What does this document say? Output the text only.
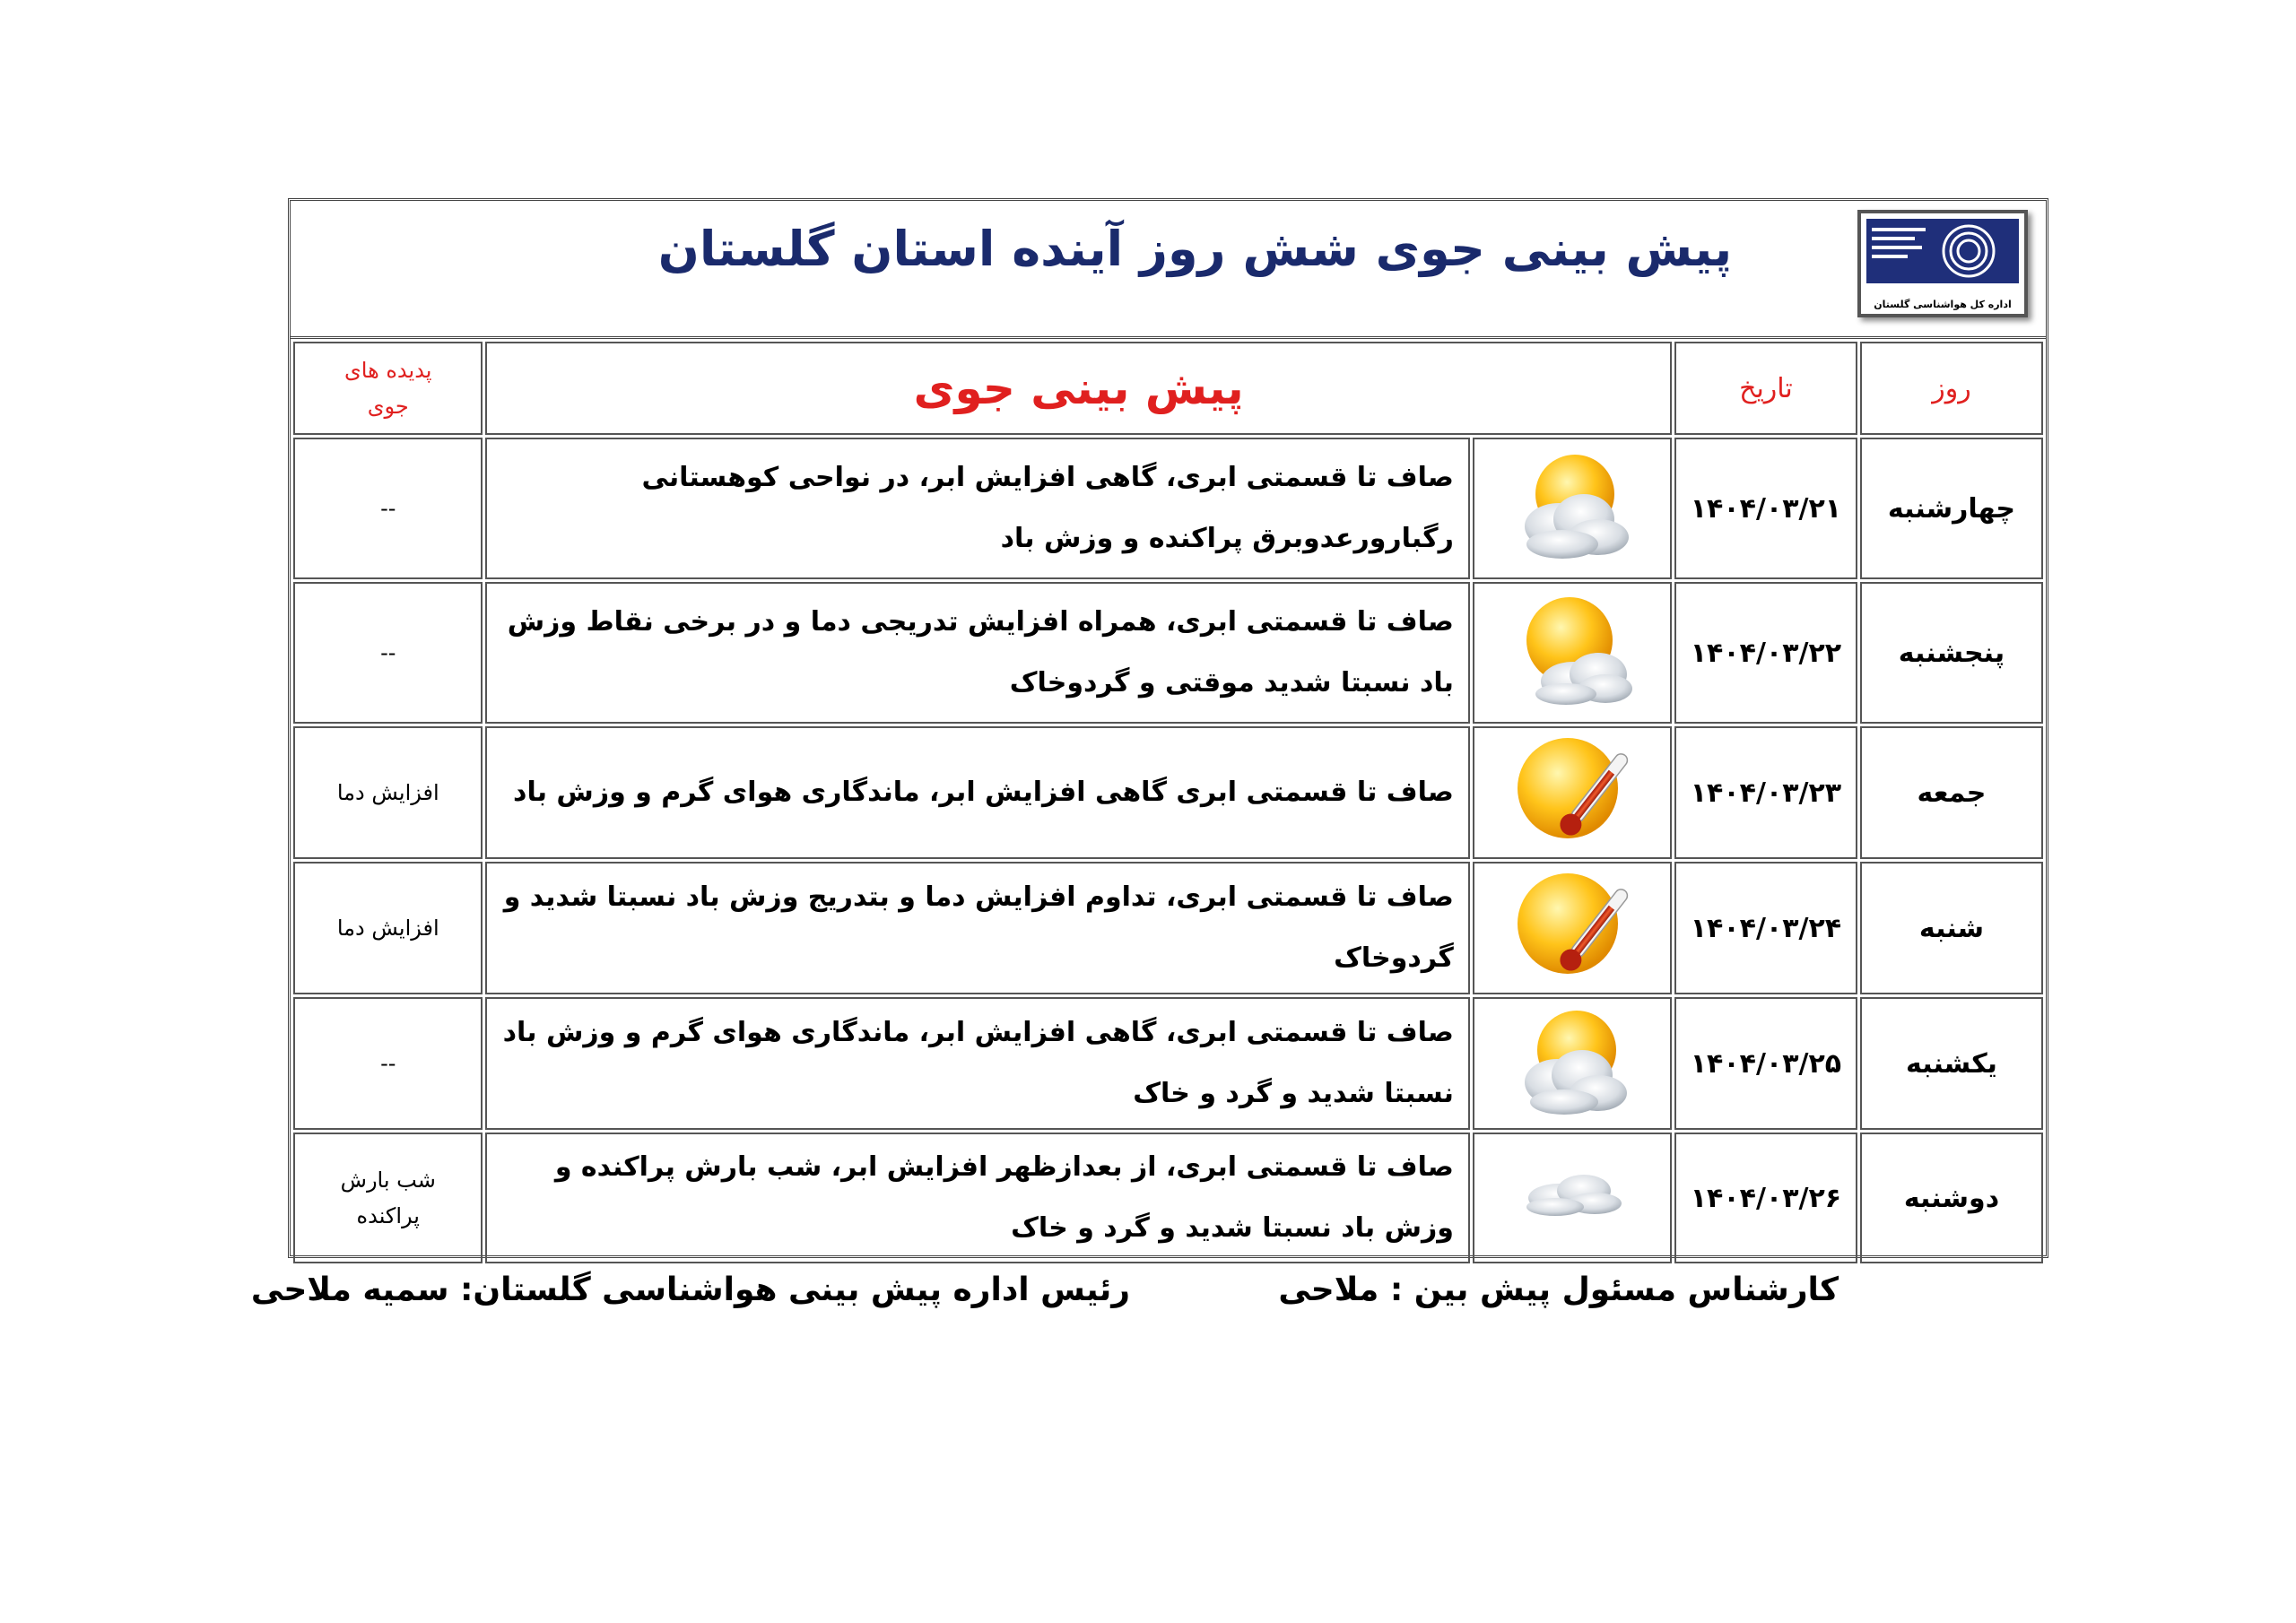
پیش بینی جوی شش روز آینده استان گلستان
اداره کل هواشناسی گلستان
روز	تاریخ	پیش بینی جوی		پدیده های
جوی

چهارشنبه	۱۴۰۴/۰۳/۲۱		صاف تا قسمتی ابری، گاهی افزایش ابر، در نواحی کوهستانی رگبارورعدوبرق پراکنده و وزش باد	--

پنجشنبه	۱۴۰۴/۰۳/۲۲		صاف تا قسمتی ابری، همراه افزایش تدریجی دما و در برخی نقاط وزش باد نسبتا شدید موقتی و گردوخاک	--

جمعه	۱۴۰۴/۰۳/۲۳		صاف تا قسمتی ابری گاهی افزایش ابر، ماندگاری هوای گرم و وزش باد	افزایش دما

شنبه	۱۴۰۴/۰۳/۲۴		صاف تا قسمتی ابری، تداوم افزایش دما و بتدریج وزش باد نسبتا شدید و گردوخاک	افزایش دما

یکشنبه	۱۴۰۴/۰۳/۲۵		صاف تا قسمتی ابری، گاهی افزایش ابر، ماندگاری هوای گرم و وزش باد نسبتا شدید و گرد و خاک	--

دوشنبه	۱۴۰۴/۰۳/۲۶		صاف تا قسمتی ابری، از بعدازظهر افزایش ابر، شب بارش پراکنده و وزش باد نسبتا شدید و گرد و خاک	شب بارش
پراکنده
کارشناس مسئول پیش بین : ملاحی
رئیس اداره پیش بینی هواشناسی گلستان: سمیه ملاحی
